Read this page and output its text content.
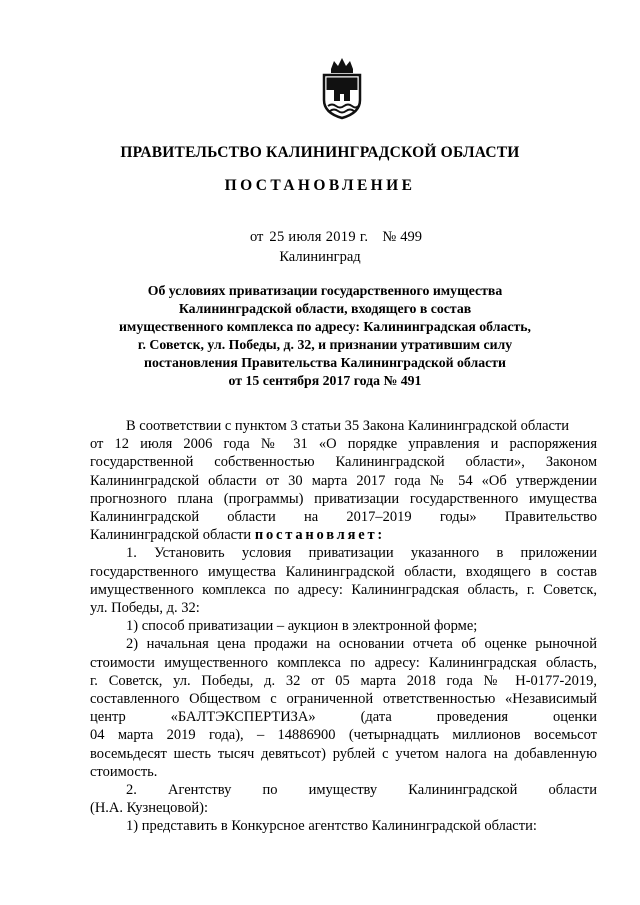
ПРАВИТЕЛЬСТВО КАЛИНИНГРАДСКОЙ ОБЛАСТИ
ПОСТАНОВЛЕНИЕ
от 25 июля 2019 г. № 499
Калининград
Об условиях приватизации государственного имущества
Калининградской области, входящего в состав
имущественного комплекса по адресу: Калининградская область,
г. Советск, ул. Победы, д. 32, и признании утратившим силу
постановления Правительства Калининградской области
от 15 сентября 2017 года № 491
В соответствии с пунктом 3 статьи 35 Закона Калининградской области
от 12 июля 2006 года № 31 «О порядке управления и распоряжения
государственной собственностью Калининградской области», Законом
Калининградской области от 30 марта 2017 года № 54 «Об утверждении
прогнозного плана (программы) приватизации государственного имущества
Калининградской области на 2017–2019 годы» Правительство
Калининградской области постановляет:
1. Установить условия приватизации указанного в приложении
государственного имущества Калининградской области, входящего в состав
имущественного комплекса по адресу: Калининградская область, г. Советск,
ул. Победы, д. 32:
1) способ приватизации – аукцион в электронной форме;
2) начальная цена продажи на основании отчета об оценке рыночной
стоимости имущественного комплекса по адресу: Калининградская область,
г. Советск, ул. Победы, д. 32 от 05 марта 2018 года № Н-0177-2019,
составленного Обществом с ограниченной ответственностью «Независимый
центр «БАЛТЭКСПЕРТИЗА» (дата проведения оценки
04 марта 2019 года), – 14886900 (четырнадцать миллионов восемьсот
восемьдесят шесть тысяч девятьсот) рублей с учетом налога на добавленную
стоимость.
2. Агентству по имуществу Калининградской области
(Н.А. Кузнецовой):
1) представить в Конкурсное агентство Калининградской области:
